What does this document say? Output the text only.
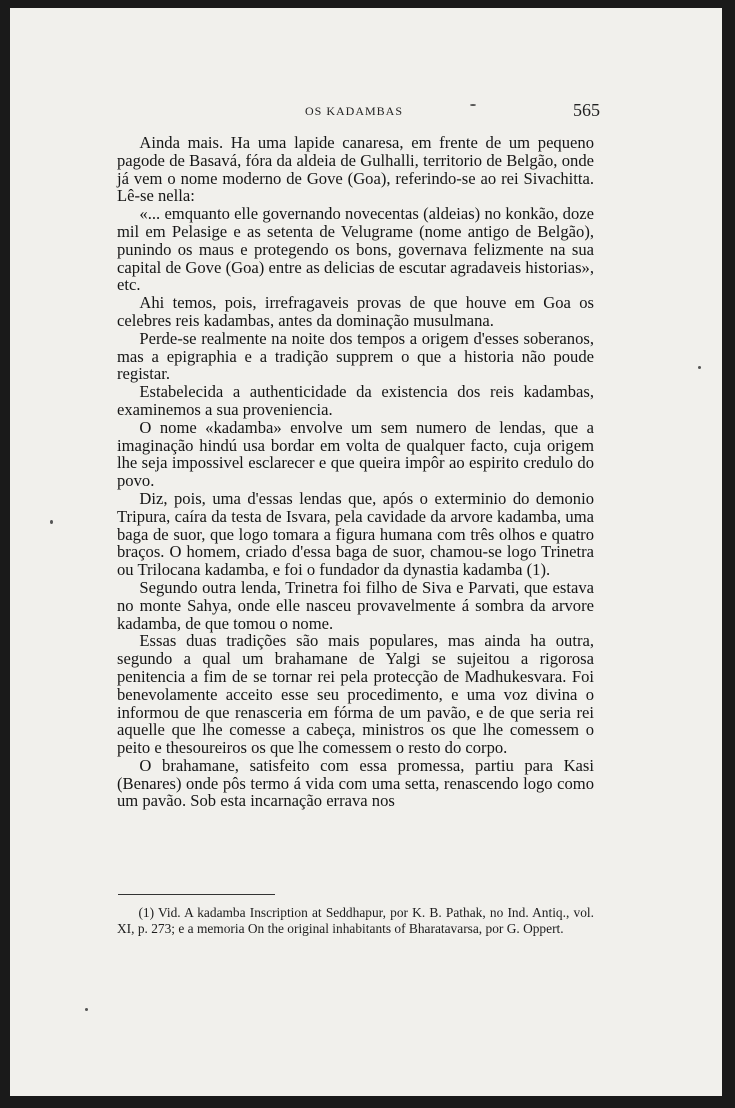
OS KADAMBAS	565

Ainda mais. Ha uma lapide canaresa, em frente de um pequeno pagode de Basavá, fóra da aldeia de Gulhalli, territorio de Belgão, onde já vem o nome moderno de Gove (Goa), referindo-se ao rei Sivachitta. Lê-se nella:

«... emquanto elle governando novecentas (aldeias) no konkão, doze mil em Pelasige e as setenta de Velugrame (nome antigo de Belgão), punindo os maus e protegendo os bons, governava felizmente na sua capital de Gove (Goa) entre as delicias de escutar agradaveis historias», etc.

Ahi temos, pois, irrefragaveis provas de que houve em Goa os celebres reis kadambas, antes da dominação musulmana.

Perde-se realmente na noite dos tempos a origem d'esses soberanos, mas a epigraphia e a tradição supprem o que a historia não poude registar.

Estabelecida a authenticidade da existencia dos reis kadambas, examinemos a sua proveniencia.

O nome «kadamba» envolve um sem numero de lendas, que a imaginação hindú usa bordar em volta de qualquer facto, cuja origem lhe seja impossivel esclarecer e que queira impôr ao espirito credulo do povo.

Diz, pois, uma d'essas lendas que, após o exterminio do demonio Tripura, caíra da testa de Isvara, pela cavidade da arvore kadamba, uma baga de suor, que logo tomara a figura humana com três olhos e quatro braços. O homem, criado d'essa baga de suor, chamou-se logo Trinetra ou Trilocana kadamba, e foi o fundador da dynastia kadamba (1).

Segundo outra lenda, Trinetra foi filho de Siva e Parvati, que estava no monte Sahya, onde elle nasceu provavelmente á sombra da arvore kadamba, de que tomou o nome.

Essas duas tradições são mais populares, mas ainda ha outra, segundo a qual um brahamane de Yalgi se sujeitou a rigorosa penitencia a fim de se tornar rei pela protecção de Madhukesvara. Foi benevolamente acceito esse seu procedimento, e uma voz divina o informou de que renasceria em fórma de um pavão, e de que seria rei aquelle que lhe comesse a cabeça, ministros os que lhe comessem o peito e thesoureiros os que lhe comessem o resto do corpo.

O brahamane, satisfeito com essa promessa, partiu para Kasi (Benares) onde pôs termo á vida com uma setta, renascendo logo como um pavão. Sob esta incarnação errava nos

(1) Vid. A kadamba Inscription at Seddhapur, por K. B. Pathak, no Ind. Antiq., vol. XI, p. 273; e a memoria On the original inhabitants of Bharatavarsa, por G. Oppert.
